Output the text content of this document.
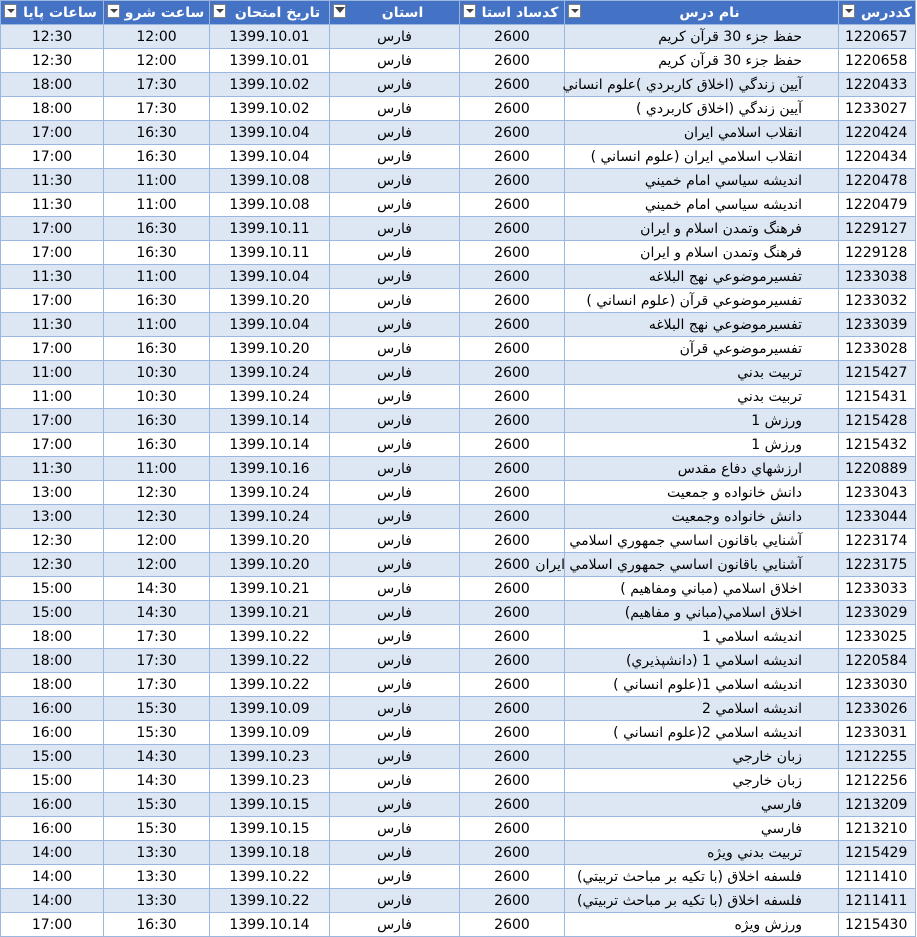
ساعات پایا	ساعت شرو	تاریخ امتحان	استان	کدساد استا	نام درس	کددرس

12:30	12:00	1399.10.01	فارس	2600	حفظ جزء 30 قرآن كريم	1220657
12:30	12:00	1399.10.01	فارس	2600	حفظ جزء 30 قرآن كريم	1220658
18:00	17:30	1399.10.02	فارس	2600	آيين زندگي (اخلاق كاربردي )علوم انساني	1220433
18:00	17:30	1399.10.02	فارس	2600	آيين زندگي (اخلاق كاربردي )	1233027
17:00	16:30	1399.10.04	فارس	2600	انقلاب اسلامي ايران	1220424
17:00	16:30	1399.10.04	فارس	2600	انقلاب اسلامي ايران (علوم انساني )	1220434
11:30	11:00	1399.10.08	فارس	2600	انديشه سياسي امام خميني	1220478
11:30	11:00	1399.10.08	فارس	2600	انديشه سياسي امام خميني	1220479
17:00	16:30	1399.10.11	فارس	2600	فرهنگ وتمدن اسلام و ايران	1229127
17:00	16:30	1399.10.11	فارس	2600	فرهنگ وتمدن اسلام و ايران	1229128
11:30	11:00	1399.10.04	فارس	2600	تفسيرموضوعي نهج البلاغه	1233038
17:00	16:30	1399.10.20	فارس	2600	تفسيرموضوعي قرآن (علوم انساني )	1233032
11:30	11:00	1399.10.04	فارس	2600	تفسيرموضوعي نهج البلاغه	1233039
17:00	16:30	1399.10.20	فارس	2600	تفسيرموضوعي قرآن	1233028
11:00	10:30	1399.10.24	فارس	2600	تربيت بدني	1215427
11:00	10:30	1399.10.24	فارس	2600	تربيت بدني	1215431
17:00	16:30	1399.10.14	فارس	2600	ورزش 1	1215428
17:00	16:30	1399.10.14	فارس	2600	ورزش 1	1215432
11:30	11:00	1399.10.16	فارس	2600	ارزشهاي دفاع مقدس	1220889
13:00	12:30	1399.10.24	فارس	2600	دانش خانواده و جمعيت	1233043
13:00	12:30	1399.10.24	فارس	2600	دانش خانواده وجمعيت	1233044
12:30	12:00	1399.10.20	فارس	2600	آشنايي باقانون اساسي جمهوري اسلامي	1223174
12:30	12:00	1399.10.20	فارس	2600	آشنايي باقانون اساسي جمهوري اسلامي ايران	1223175
15:00	14:30	1399.10.21	فارس	2600	اخلاق اسلامي (مباني ومفاهيم )	1233033
15:00	14:30	1399.10.21	فارس	2600	اخلاق اسلامي(مباني و مفاهيم)	1233029
18:00	17:30	1399.10.22	فارس	2600	انديشه اسلامي 1	1233025
18:00	17:30	1399.10.22	فارس	2600	انديشه اسلامي 1 (دانشپذيري)	1220584
18:00	17:30	1399.10.22	فارس	2600	انديشه اسلامي 1(علوم انساني )	1233030
16:00	15:30	1399.10.09	فارس	2600	انديشه اسلامي 2	1233026
16:00	15:30	1399.10.09	فارس	2600	انديشه اسلامي 2(علوم انساني )	1233031
15:00	14:30	1399.10.23	فارس	2600	زبان خارجي	1212255
15:00	14:30	1399.10.23	فارس	2600	زبان خارجي	1212256
16:00	15:30	1399.10.15	فارس	2600	فارسي	1213209
16:00	15:30	1399.10.15	فارس	2600	فارسي	1213210
14:00	13:30	1399.10.18	فارس	2600	تربيت بدني ويژه	1215429
14:00	13:30	1399.10.22	فارس	2600	فلسفه اخلاق (با تكيه بر مباحث تربيتي)	1211410
14:00	13:30	1399.10.22	فارس	2600	فلسفه اخلاق (با تكيه بر مباحث تربيتي)	1211411
17:00	16:30	1399.10.14	فارس	2600	ورزش ويژه	1215430
